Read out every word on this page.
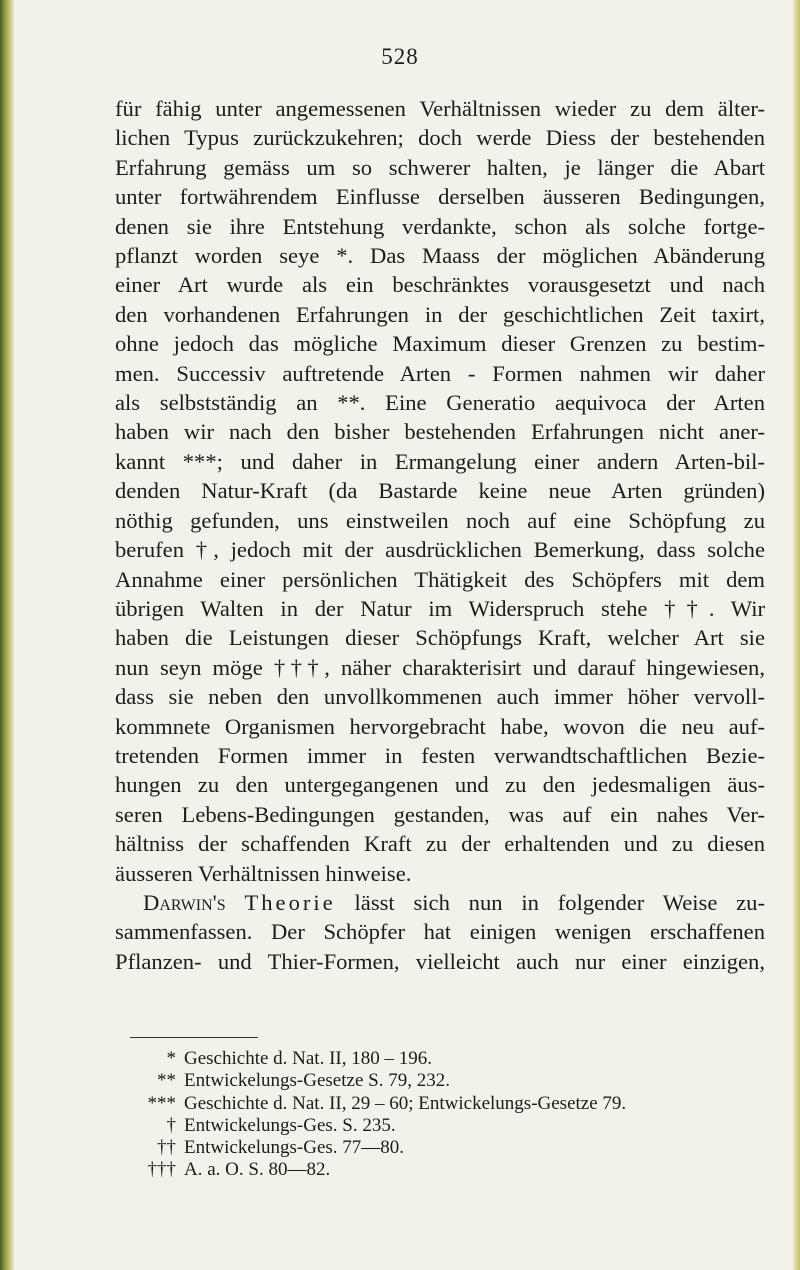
528
für fähig unter angemessenen Verhältnissen wieder zu dem älter-
lichen Typus zurückzukehren; doch werde Diess der bestehenden
Erfahrung gemäss um so schwerer halten, je länger die Abart
unter fortwährendem Einflusse derselben äusseren Bedingungen,
denen sie ihre Entstehung verdankte, schon als solche fortge-
pflanzt worden seye *. Das Maass der möglichen Abänderung
einer Art wurde als ein beschränktes vorausgesetzt und nach
den vorhandenen Erfahrungen in der geschichtlichen Zeit taxirt,
ohne jedoch das mögliche Maximum dieser Grenzen zu bestim-
men. Successiv auftretende Arten - Formen nahmen wir daher
als selbstständig an **. Eine Generatio aequivoca der Arten
haben wir nach den bisher bestehenden Erfahrungen nicht aner-
kannt ***; und daher in Ermangelung einer andern Arten-bil-
denden Natur-Kraft (da Bastarde keine neue Arten gründen)
nöthig gefunden, uns einstweilen noch auf eine Schöpfung zu
berufen †, jedoch mit der ausdrücklichen Bemerkung, dass solche
Annahme einer persönlichen Thätigkeit des Schöpfers mit dem
übrigen Walten in der Natur im Widerspruch stehe ††. Wir
haben die Leistungen dieser Schöpfungs Kraft, welcher Art sie
nun seyn möge †††, näher charakterisirt und darauf hingewiesen,
dass sie neben den unvollkommenen auch immer höher vervoll-
kommnete Organismen hervorgebracht habe, wovon die neu auf-
tretenden Formen immer in festen verwandtschaftlichen Bezie-
hungen zu den untergegangenen und zu den jedesmaligen äus-
seren Lebens-Bedingungen gestanden, was auf ein nahes Ver-
hältniss der schaffenden Kraft zu der erhaltenden und zu diesen
äusseren Verhältnissen hinweise.
Darwin's Theorie lässt sich nun in folgender Weise zu-
sammenfassen. Der Schöpfer hat einigen wenigen erschaffenen
Pflanzen- und Thier-Formen, vielleicht auch nur einer einzigen,
* Geschichte d. Nat. II, 180 – 196.
** Entwickelungs-Gesetze S. 79, 232.
*** Geschichte d. Nat. II, 29 – 60; Entwickelungs-Gesetze 79.
† Entwickelungs-Ges. S. 235.
†† Entwickelungs-Ges. 77—80.
††† A. a. O. S. 80—82.
